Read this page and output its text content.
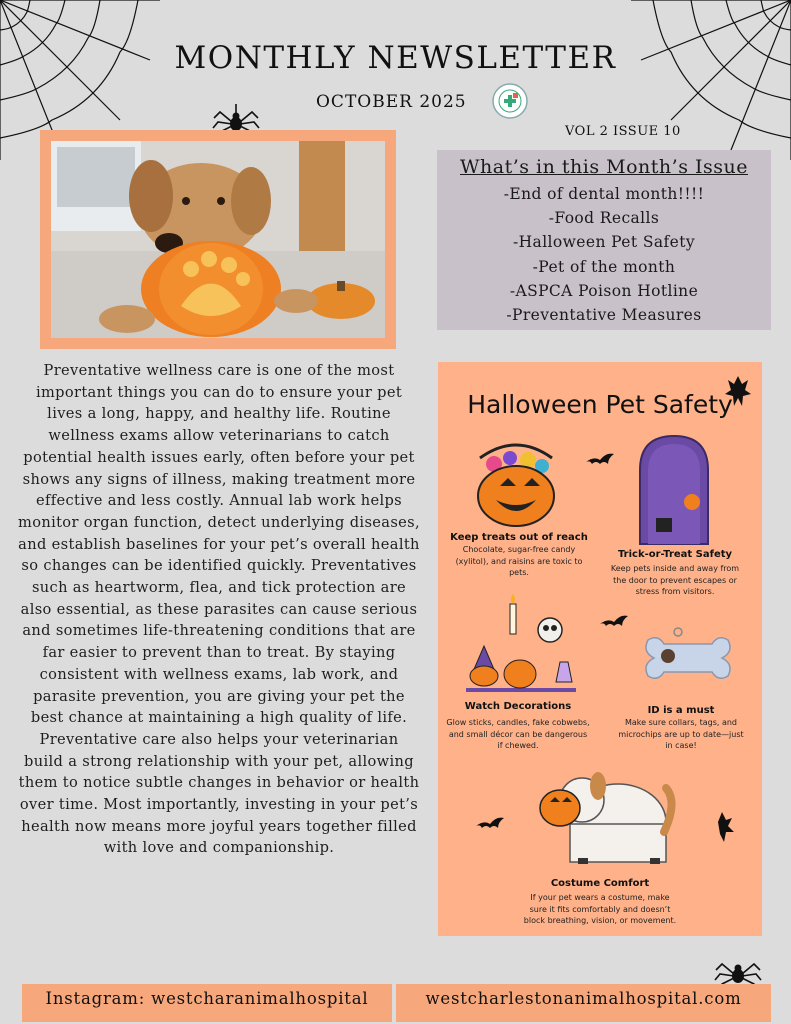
MONTHLY NEWSLETTER
OCTOBER 2025
VOL 2 ISSUE 10
What’s in this Month’s Issue
-End of dental month!!!!
-Food Recalls
-Halloween Pet Safety
-Pet of the month
-ASPCA Poison Hotline
-Preventative Measures
Preventative wellness care is one of the most important things you can do to ensure your pet lives a long, happy, and healthy life. Routine wellness exams allow veterinarians to catch potential health issues early, often before your pet shows any signs of illness, making treatment more effective and less costly. Annual lab work helps monitor organ function, detect underlying diseases, and establish baselines for your pet’s overall health so changes can be identified quickly. Preventatives such as heartworm, flea, and tick protection are also essential, as these parasites can cause serious and sometimes life-threatening conditions that are far easier to prevent than to treat. By staying consistent with wellness exams, lab work, and parasite prevention, you are giving your pet the best chance at maintaining a high quality of life. Preventative care also helps your veterinarian build a strong relationship with your pet, allowing them to notice subtle changes in behavior or health over time. Most importantly, investing in your pet’s health now means more joyful years together filled with love and companionship.
Halloween Pet Safety
Keep treats out of reach
Chocolate, sugar-free candy
(xylitol), and raisins are toxic to
pets.
Trick-or-Treat Safety
Keep pets inside and away from
the door to prevent escapes or
stress from visitors.
Watch Decorations
Glow sticks, candles, fake cobwebs,
and small décor can be dangerous
if chewed.
ID is a must
Make sure collars, tags, and
microchips are up to date—just
in case!
Costume Comfort
If your pet wears a costume, make
sure it fits comfortably and doesn’t
block breathing, vision, or movement.
Instagram: westcharanimalhospital	westcharlestonanimalhospital.com
